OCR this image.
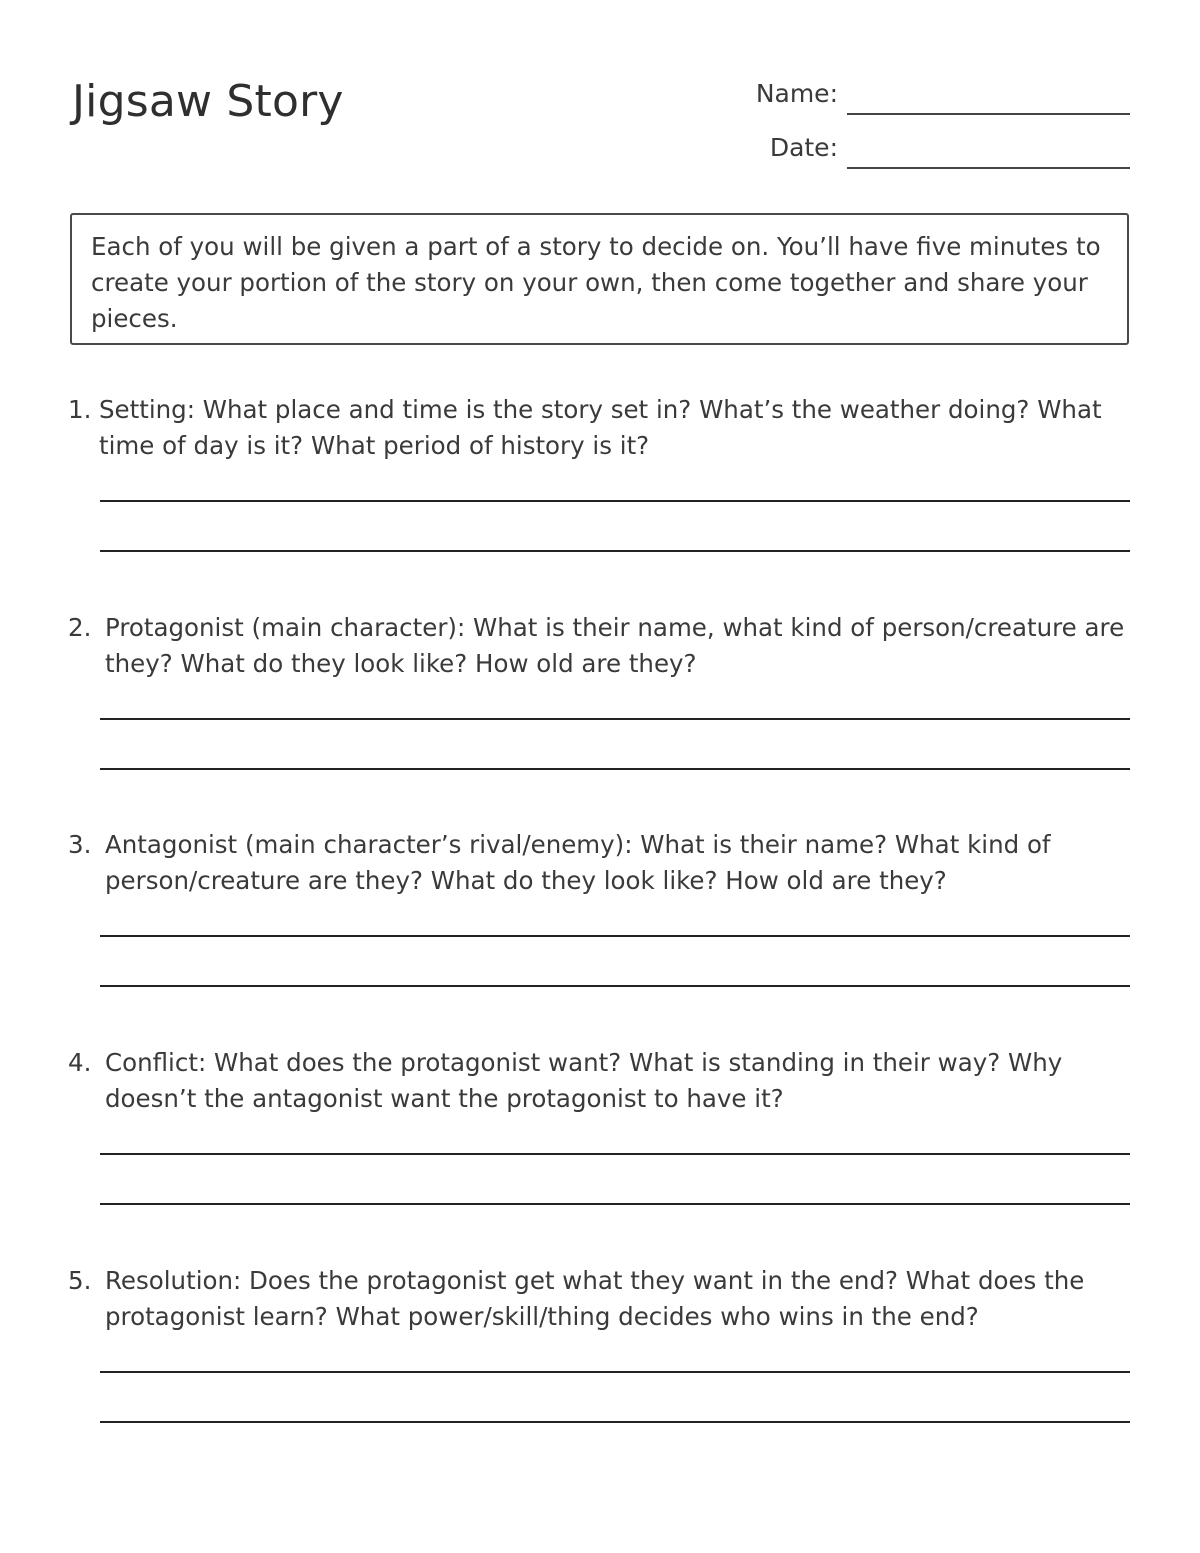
Jigsaw Story	Name:
Date:
Each of you will be given a part of a story to decide on. You’ll have five minutes to create your portion of the story on your own, then come together and share your pieces.
1. Setting: What place and time is the story set in? What’s the weather doing? What time of day is it? What period of history is it?
2. Protagonist (main character): What is their name, what kind of person/creature are they? What do they look like? How old are they?
3. Antagonist (main character’s rival/enemy): What is their name? What kind of person/creature are they? What do they look like? How old are they?
4. Conflict: What does the protagonist want? What is standing in their way? Why doesn’t the antagonist want the protagonist to have it?
5. Resolution: Does the protagonist get what they want in the end? What does the protagonist learn? What power/skill/thing decides who wins in the end?
